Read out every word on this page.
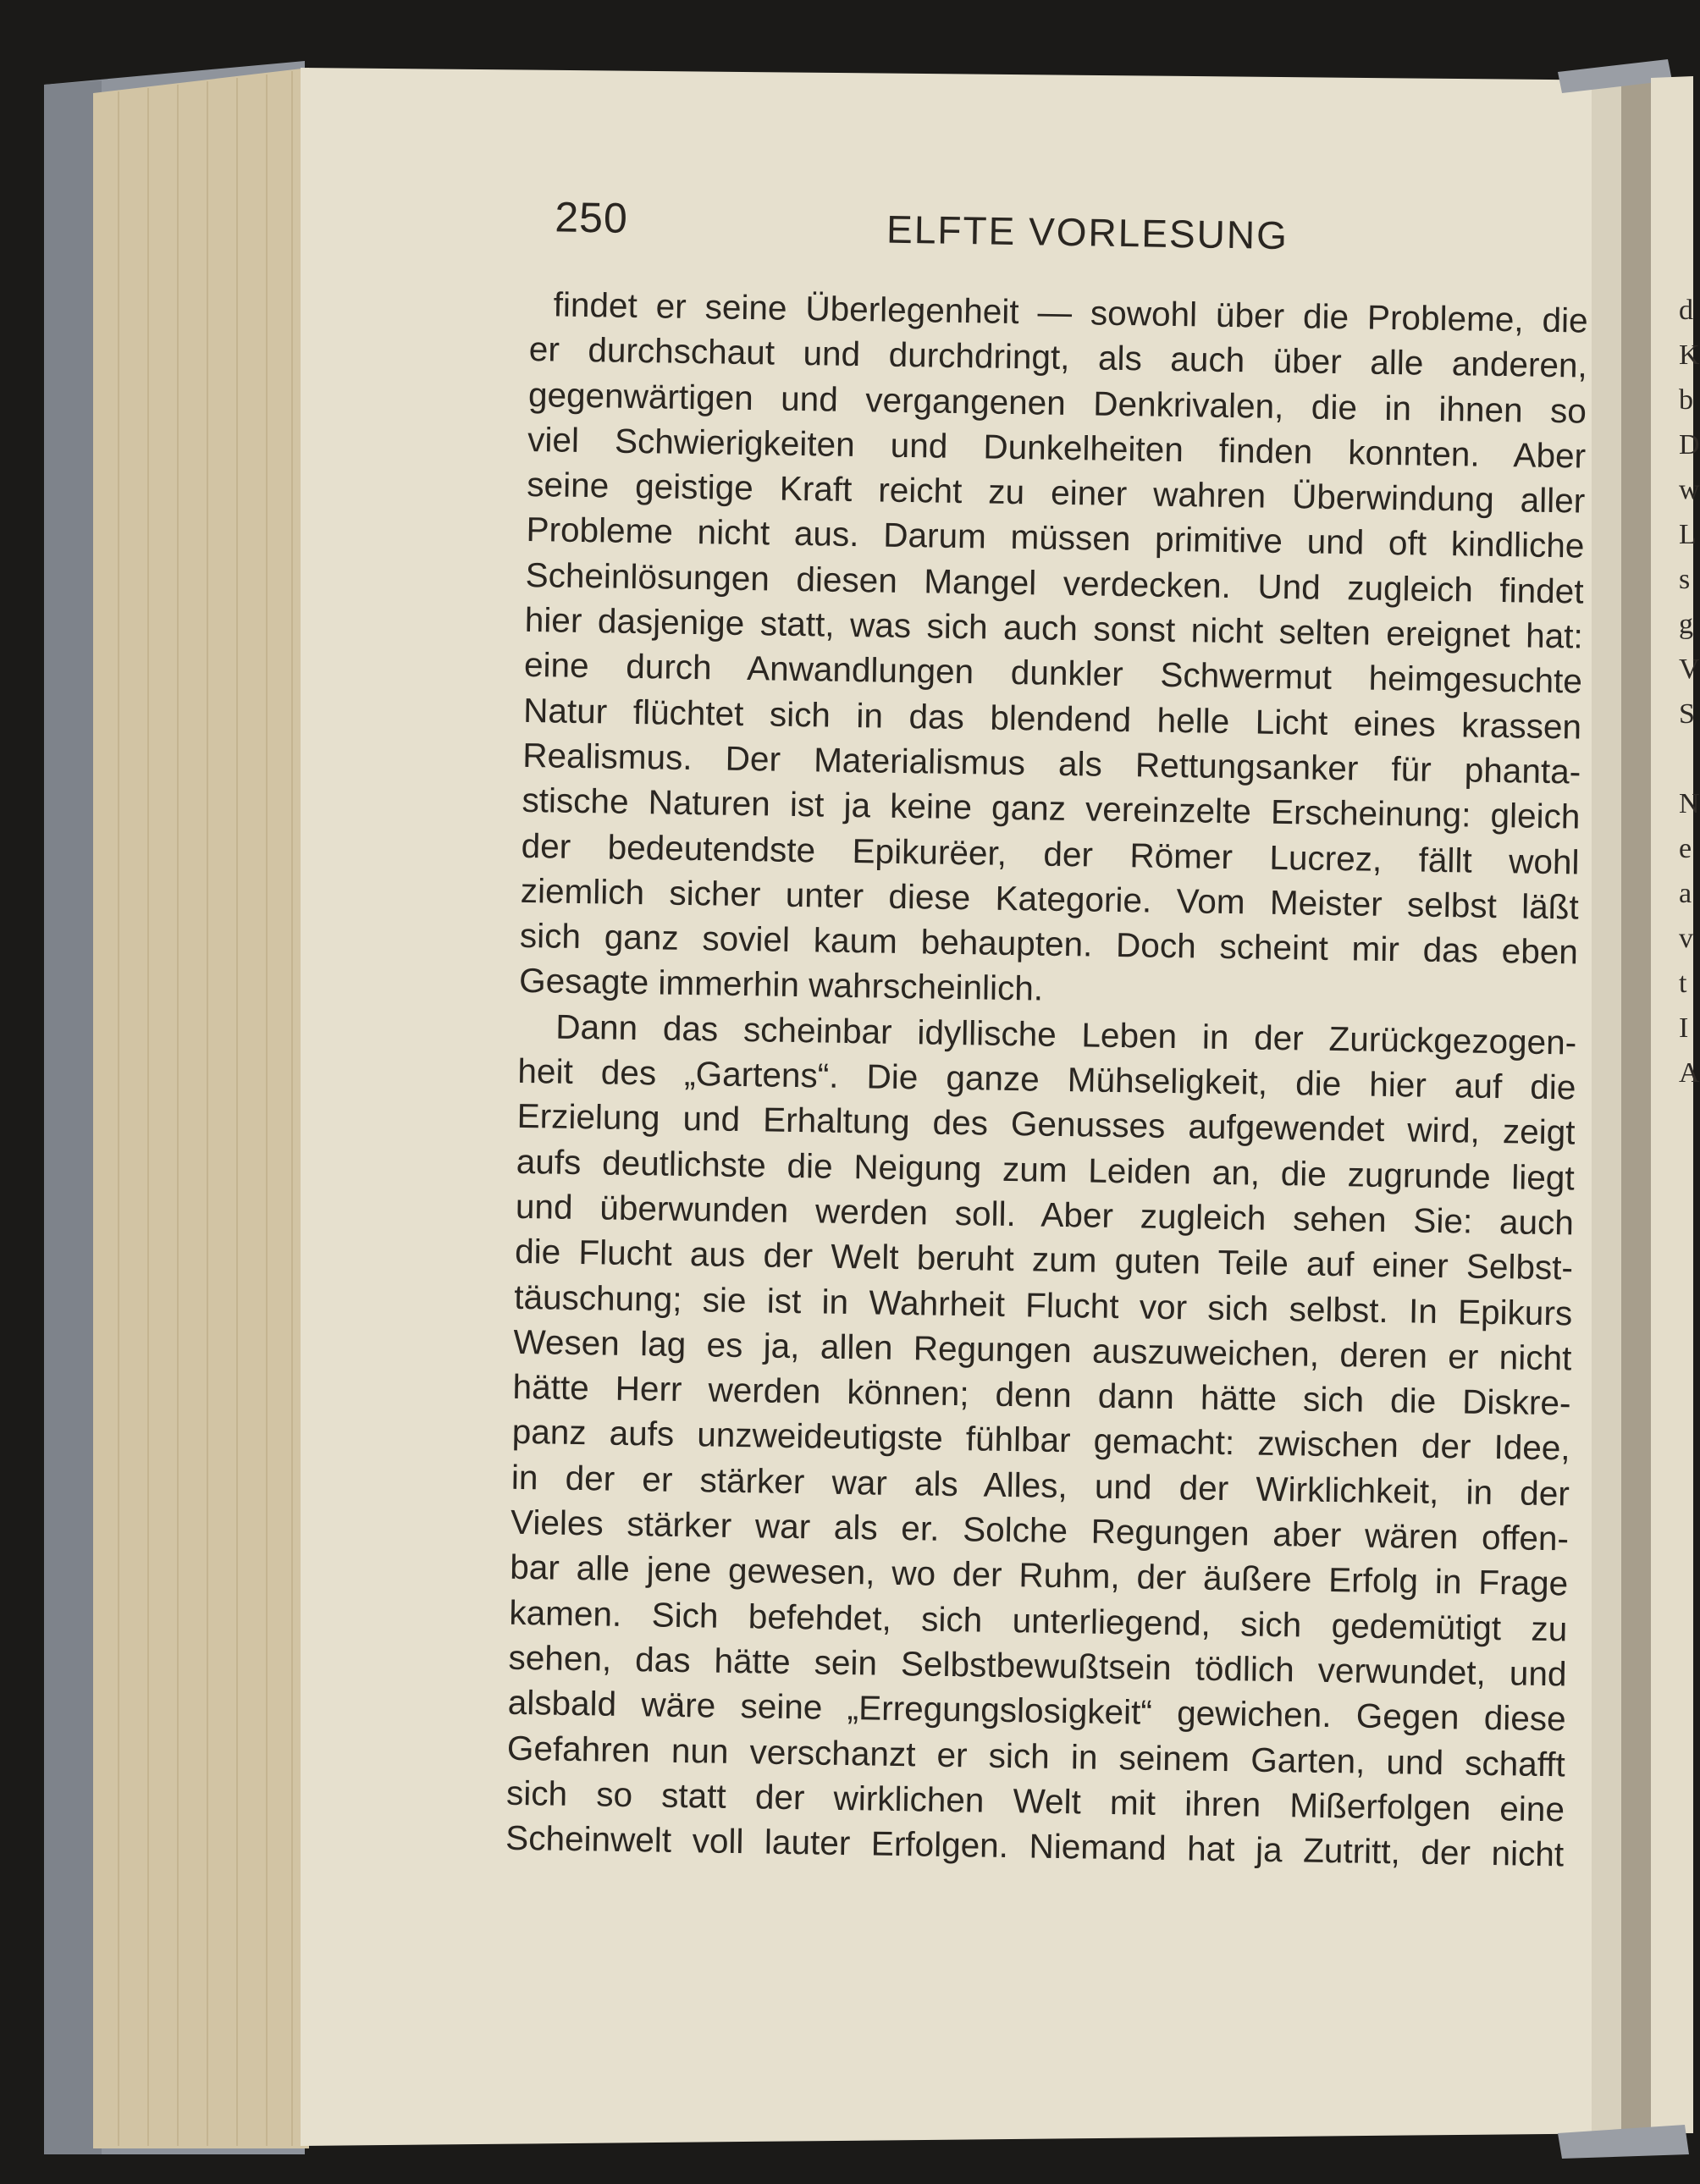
250	ELFTE VORLESUNG
findet er seine Überlegenheit — sowohl über die Probleme, die
er durchschaut und durchdringt, als auch über alle anderen,
gegenwärtigen und vergangenen Denkrivalen, die in ihnen so
viel Schwierigkeiten und Dunkelheiten finden konnten. Aber
seine geistige Kraft reicht zu einer wahren Überwindung aller
Probleme nicht aus. Darum müssen primitive und oft kindliche
Scheinlösungen diesen Mangel verdecken. Und zugleich findet
hier dasjenige statt, was sich auch sonst nicht selten ereignet hat:
eine durch Anwandlungen dunkler Schwermut heimgesuchte
Natur flüchtet sich in das blendend helle Licht eines krassen
Realismus. Der Materialismus als Rettungsanker für phanta-
stische Naturen ist ja keine ganz vereinzelte Erscheinung: gleich
der bedeutendste Epikurëer, der Römer Lucrez, fällt wohl
ziemlich sicher unter diese Kategorie. Vom Meister selbst läßt
sich ganz soviel kaum behaupten. Doch scheint mir das eben
Gesagte immerhin wahrscheinlich.
Dann das scheinbar idyllische Leben in der Zurückgezogen-
heit des „Gartens“. Die ganze Mühseligkeit, die hier auf die
Erzielung und Erhaltung des Genusses aufgewendet wird, zeigt
aufs deutlichste die Neigung zum Leiden an, die zugrunde liegt
und überwunden werden soll. Aber zugleich sehen Sie: auch
die Flucht aus der Welt beruht zum guten Teile auf einer Selbst-
täuschung; sie ist in Wahrheit Flucht vor sich selbst. In Epikurs
Wesen lag es ja, allen Regungen auszuweichen, deren er nicht
hätte Herr werden können; denn dann hätte sich die Diskre-
panz aufs unzweideutigste fühlbar gemacht: zwischen der Idee,
in der er stärker war als Alles, und der Wirklichkeit, in der
Vieles stärker war als er. Solche Regungen aber wären offen-
bar alle jene gewesen, wo der Ruhm, der äußere Erfolg in Frage
kamen. Sich befehdet, sich unterliegend, sich gedemütigt zu
sehen, das hätte sein Selbstbewußtsein tödlich verwundet, und
alsbald wäre seine „Erregungslosigkeit“ gewichen. Gegen diese
Gefahren nun verschanzt er sich in seinem Garten, und schafft
sich so statt der wirklichen Welt mit ihren Mißerfolgen eine
Scheinwelt voll lauter Erfolgen. Niemand hat ja Zutritt, der nicht
d
K
b
D
w
L
s
g
V
S
N
e
a
v
t
I
A
